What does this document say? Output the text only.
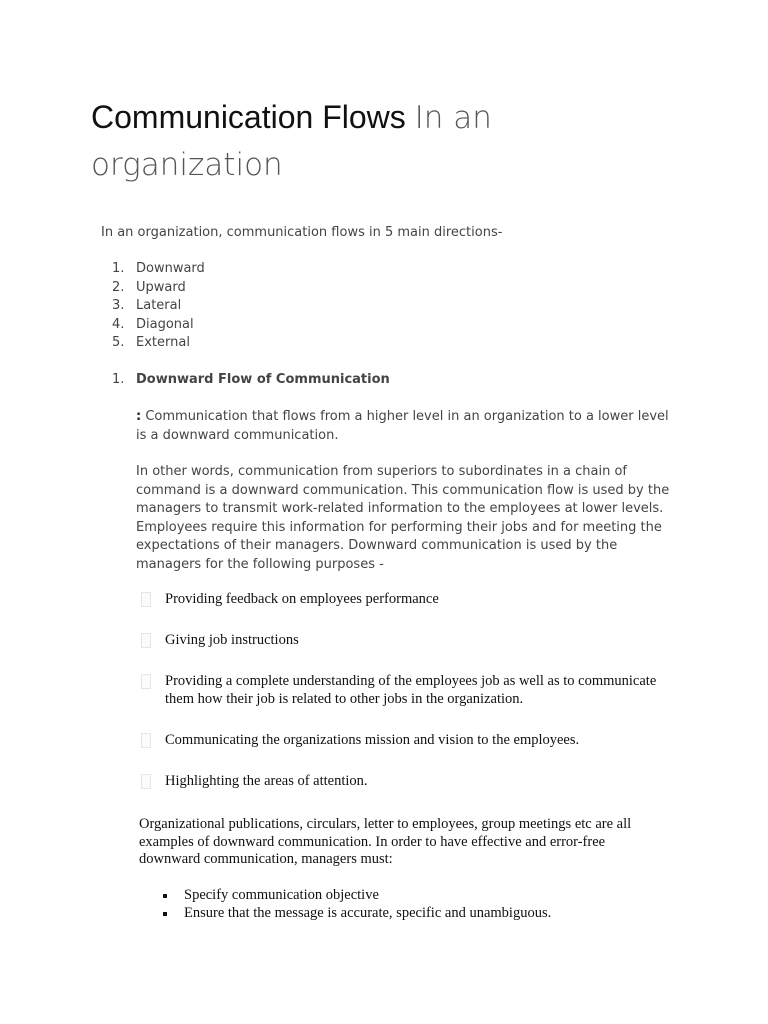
Communication Flows In an organization
In an organization, communication flows in 5 main directions-
1. Downward
2. Upward
3. Lateral
4. Diagonal
5. External
1. Downward Flow of Communication

: Communication that flows from a higher level in an organization to a lower level is a downward communication.

In other words, communication from superiors to subordinates in a chain of command is a downward communication. This communication flow is used by the managers to transmit work-related information to the employees at lower levels. Employees require this information for performing their jobs and for meeting the expectations of their managers. Downward communication is used by the managers for the following purposes -

Providing feedback on employees performance
Giving job instructions
Providing a complete understanding of the employees job as well as to communicate them how their job is related to other jobs in the organization.
Communicating the organizations mission and vision to the employees.
Highlighting the areas of attention.

Organizational publications, circulars, letter to employees, group meetings etc are all examples of downward communication. In order to have effective and error-free downward communication, managers must:

Specify communication objective
Ensure that the message is accurate, specific and unambiguous.
